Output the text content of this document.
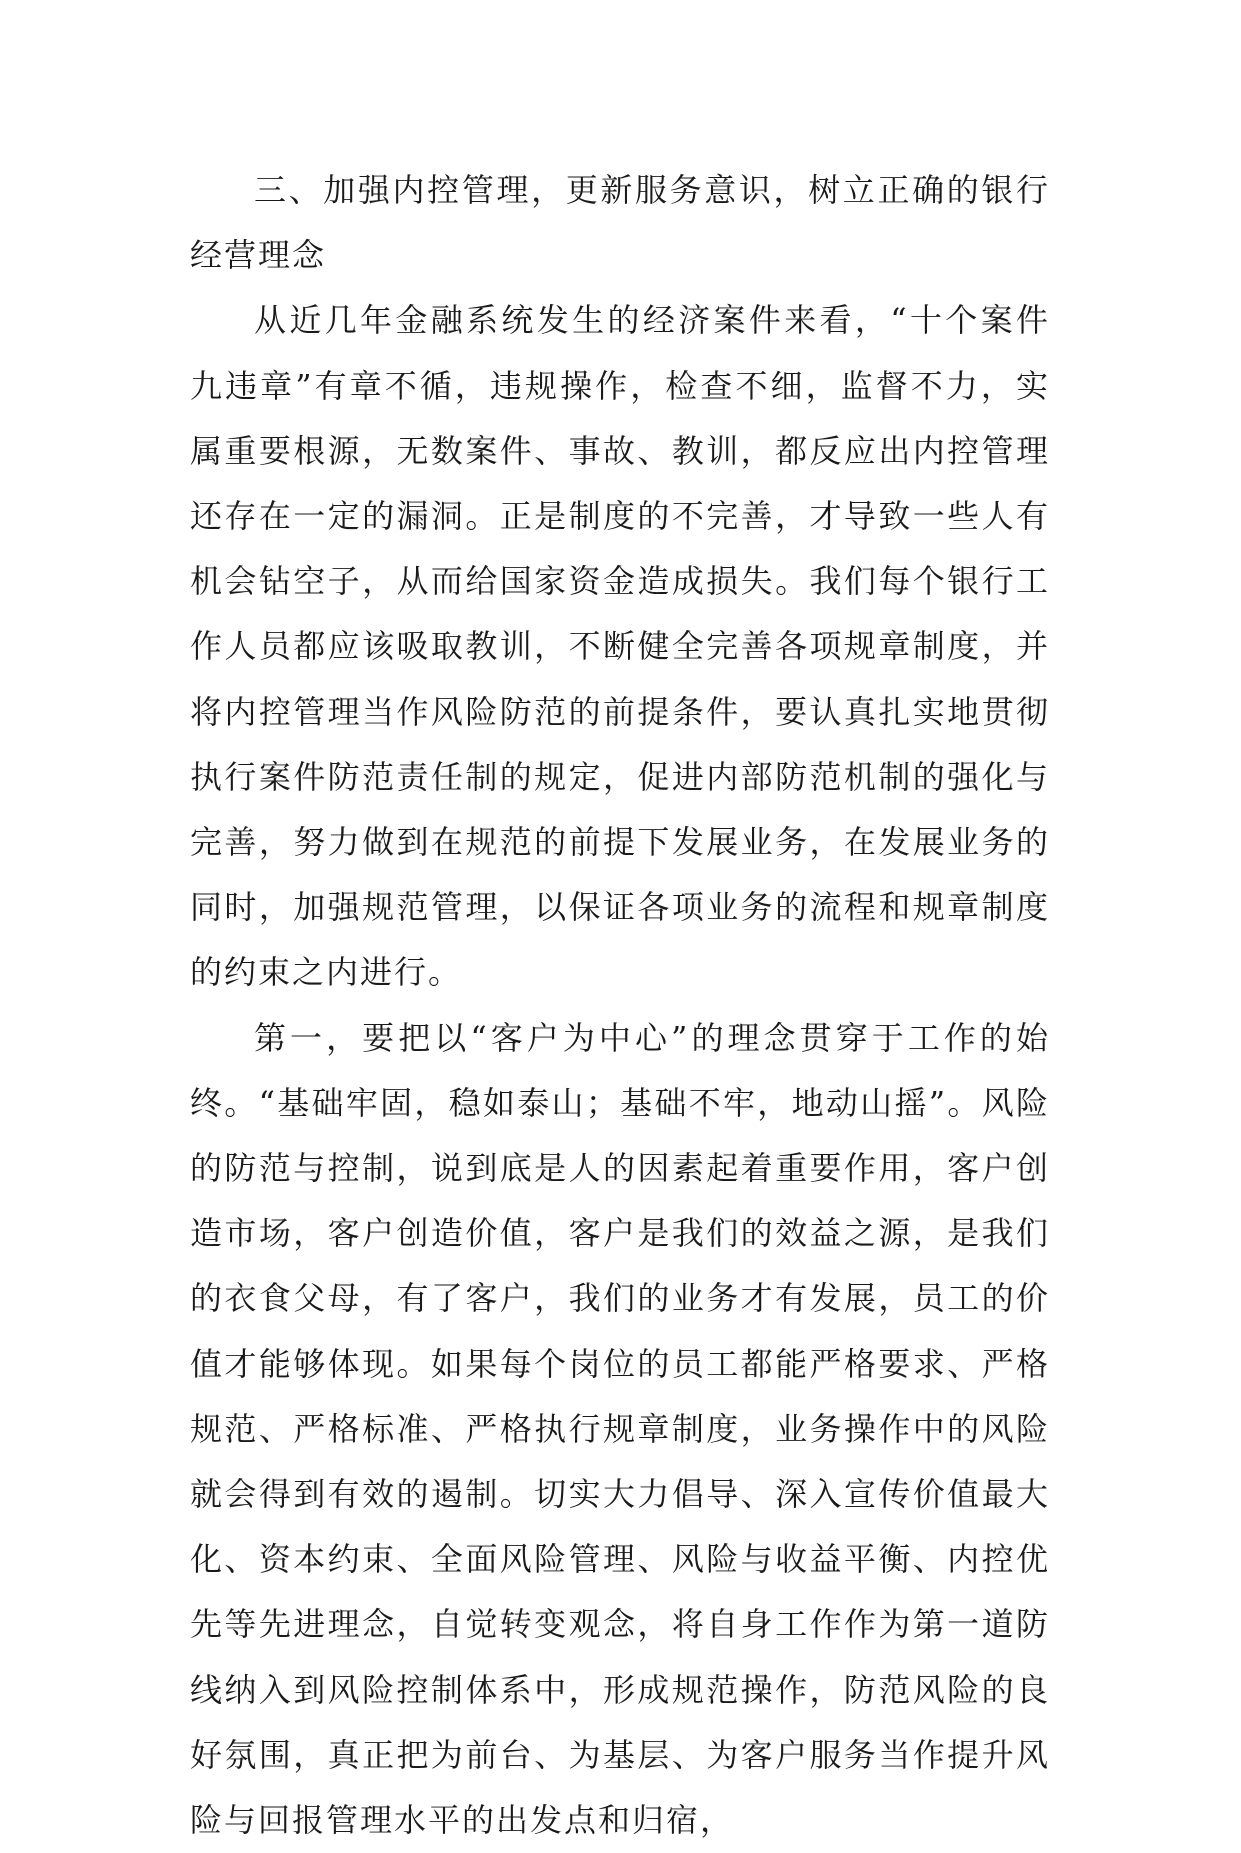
三、加强内控管理，更新服务意识，树立正确的银行经营理念

从近几年金融系统发生的经济案件来看，“十个案件九违章”有章不循，违规操作，检查不细，监督不力，实属重要根源，无数案件、事故、教训，都反应出内控管理还存在一定的漏洞。正是制度的不完善，才导致一些人有机会钻空子，从而给国家资金造成损失。我们每个银行工作人员都应该吸取教训，不断健全完善各项规章制度，并将内控管理当作风险防范的前提条件，要认真扎实地贯彻执行案件防范责任制的规定，促进内部防范机制的强化与完善，努力做到在规范的前提下发展业务，在发展业务的同时，加强规范管理，以保证各项业务的流程和规章制度的约束之内进行。

第一，要把以“客户为中心”的理念贯穿于工作的始终。“基础牢固，稳如泰山；基础不牢，地动山摇”。风险的防范与控制，说到底是人的因素起着重要作用，客户创造市场，客户创造价值，客户是我们的效益之源，是我们的衣食父母，有了客户，我们的业务才有发展，员工的价值才能够体现。如果每个岗位的员工都能严格要求、严格规范、严格标准、严格执行规章制度，业务操作中的风险就会得到有效的遏制。切实大力倡导、深入宣传价值最大化、资本约束、全面风险管理、风险与收益平衡、内控优先等先进理念，自觉转变观念，将自身工作作为第一道防线纳入到风险控制体系中，形成规范操作，防范风险的良好氛围，真正把为前台、为基层、为客户服务当作提升风险与回报管理水平的出发点和归宿，
